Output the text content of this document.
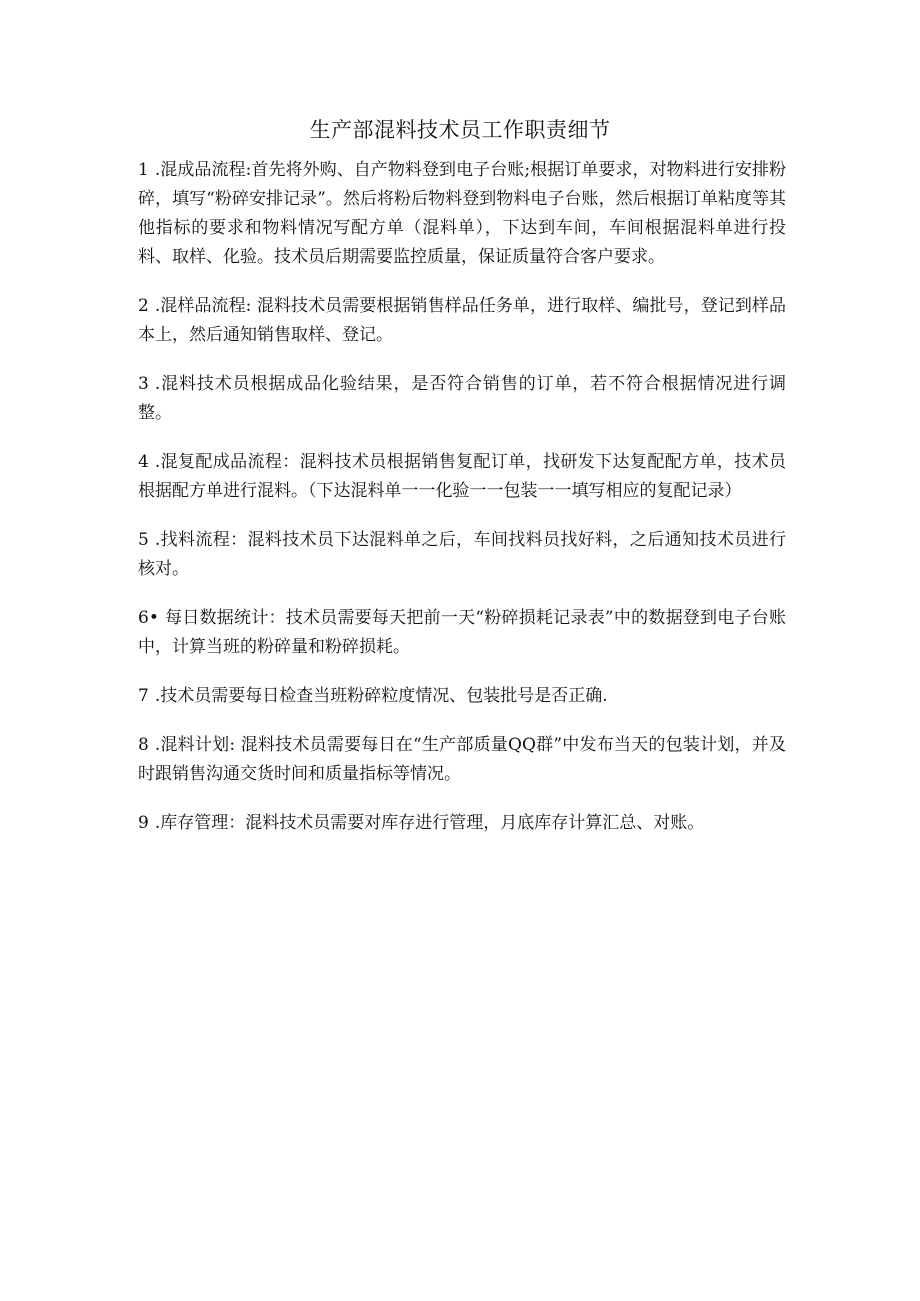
生产部混料技术员工作职责细节

1 .混成品流程:首先将外购、自产物料登到电子台账;根据订单要求，对物料进行安排粉碎，填写“粉碎安排记录”。然后将粉后物料登到物料电子台账，然后根据订单粘度等其他指标的要求和物料情况写配方单（混料单），下达到车间，车间根据混料单进行投料、取样、化验。技术员后期需要监控质量，保证质量符合客户要求。

2 .混样品流程: 混料技术员需要根据销售样品任务单，进行取样、编批号，登记到样品本上，然后通知销售取样、登记。

3 .混料技术员根据成品化验结果，是否符合销售的订单，若不符合根据情况进行调整。

4 .混复配成品流程：混料技术员根据销售复配订单，找研发下达复配配方单，技术员根据配方单进行混料。（下达混料单一一化验一一包装一一填写相应的复配记录）

5 .找料流程：混料技术员下达混料单之后，车间找料员找好料，之后通知技术员进行核对。

6• 每日数据统计：技术员需要每天把前一天“粉碎损耗记录表”中的数据登到电子台账中，计算当班的粉碎量和粉碎损耗。

7 .技术员需要每日检查当班粉碎粒度情况、包装批号是否正确.

8 .混料计划: 混料技术员需要每日在“生产部质量QQ群”中发布当天的包装计划，并及时跟销售沟通交货时间和质量指标等情况。

9 .库存管理：混料技术员需要对库存进行管理，月底库存计算汇总、对账。
